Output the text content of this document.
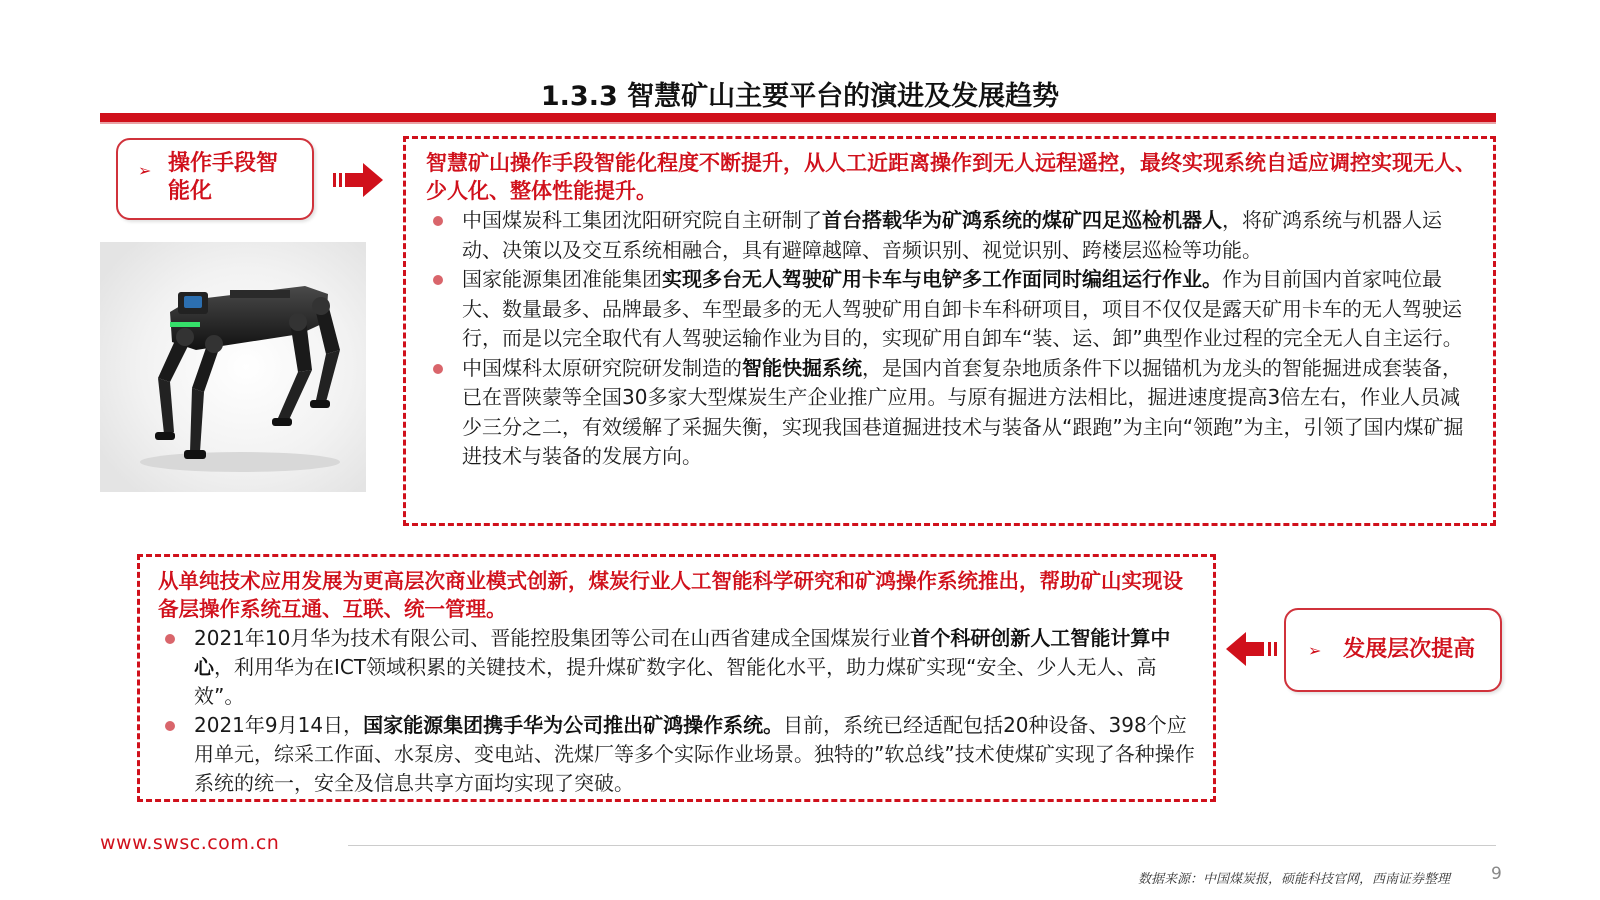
1.3.3 智慧矿山主要平台的演进及发展趋势
➢ 操作手段智能化
智慧矿山操作手段智能化程度不断提升，从人工近距离操作到无人远程遥控，最终实现系统自适应调控实现无人、少人化、整体性能提升。
中国煤炭科工集团沈阳研究院自主研制了首台搭载华为矿鸿系统的煤矿四足巡检机器人，将矿鸿系统与机器人运动、决策以及交互系统相融合，具有避障越障、音频识别、视觉识别、跨楼层巡检等功能。
国家能源集团准能集团实现多台无人驾驶矿用卡车与电铲多工作面同时编组运行作业。作为目前国内首家吨位最大、数量最多、品牌最多、车型最多的无人驾驶矿用自卸卡车科研项目，项目不仅仅是露天矿用卡车的无人驾驶运行，而是以完全取代有人驾驶运输作业为目的，实现矿用自卸车“装、运、卸”典型作业过程的完全无人自主运行。
中国煤科太原研究院研发制造的智能快掘系统，是国内首套复杂地质条件下以掘锚机为龙头的智能掘进成套装备，已在晋陕蒙等全国30多家大型煤炭生产企业推广应用。与原有掘进方法相比，掘进速度提高3倍左右，作业人员减少三分之二，有效缓解了采掘失衡，实现我国巷道掘进技术与装备从“跟跑”为主向“领跑”为主，引领了国内煤矿掘进技术与装备的发展方向。
从单纯技术应用发展为更高层次商业模式创新，煤炭行业人工智能科学研究和矿鸿操作系统推出，帮助矿山实现设备层操作系统互通、互联、统一管理。
2021年10月华为技术有限公司、晋能控股集团等公司在山西省建成全国煤炭行业首个科研创新人工智能计算中心，利用华为在ICT领域积累的关键技术，提升煤矿数字化、智能化水平，助力煤矿实现“安全、少人无人、高效”。
2021年9月14日，国家能源集团携手华为公司推出矿鸿操作系统。目前，系统已经适配包括20种设备、398个应用单元，综采工作面、水泵房、变电站、洗煤厂等多个实际作业场景。独特的”软总线”技术使煤矿实现了各种操作系统的统一，安全及信息共享方面均实现了突破。
➢ 发展层次提高
www.swsc.com.cn
数据来源：中国煤炭报，硕能科技官网，西南证券整理 9
